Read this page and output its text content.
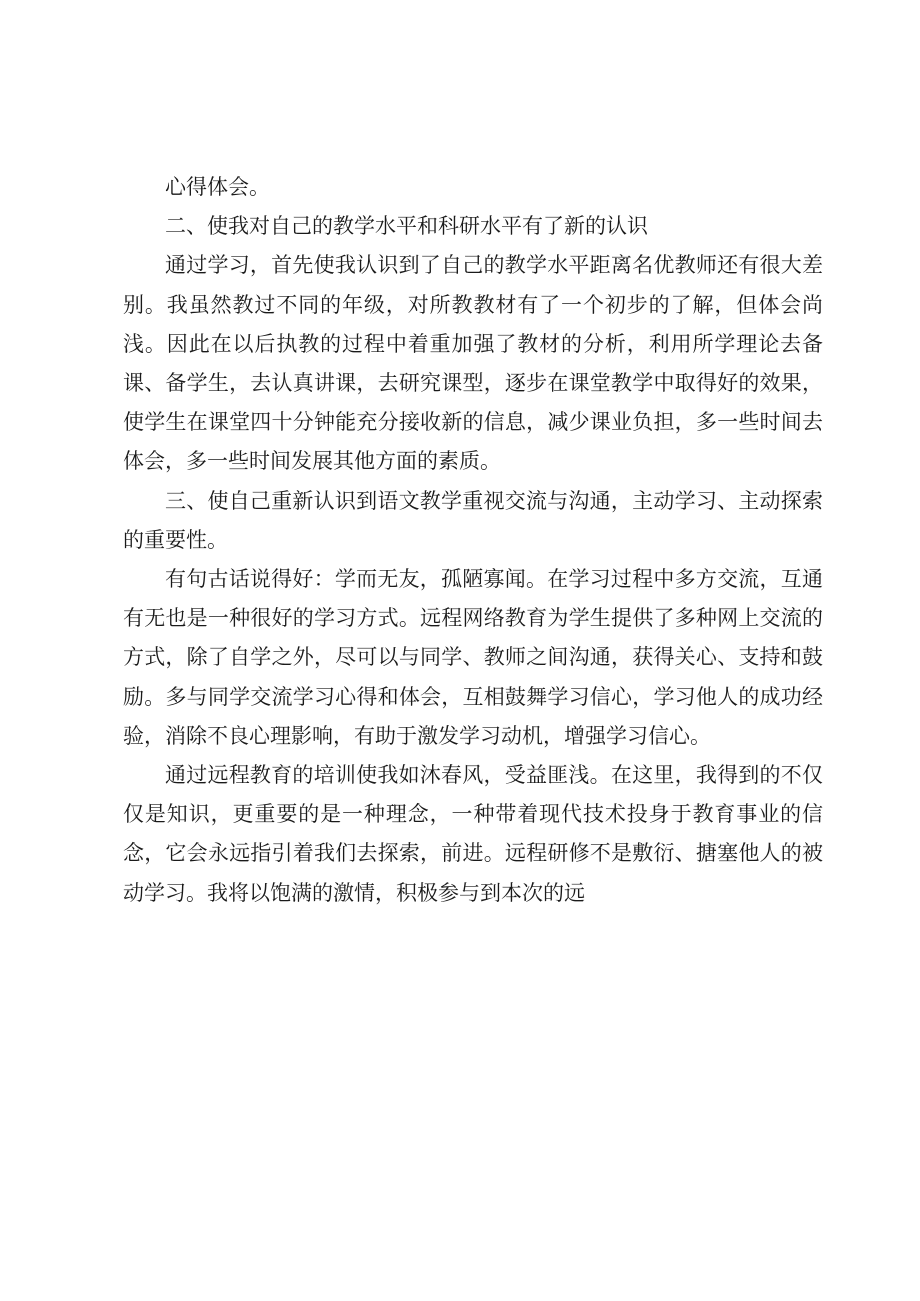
心得体会。

二、使我对自己的教学水平和科研水平有了新的认识

通过学习，首先使我认识到了自己的教学水平距离名优教师还有很大差别。我虽然教过不同的年级，对所教教材有了一个初步的了解，但体会尚浅。因此在以后执教的过程中着重加强了教材的分析，利用所学理论去备课、备学生，去认真讲课，去研究课型，逐步在课堂教学中取得好的效果，使学生在课堂四十分钟能充分接收新的信息，减少课业负担，多一些时间去体会，多一些时间发展其他方面的素质。

三、使自己重新认识到语文教学重视交流与沟通，主动学习、主动探索的重要性。

有句古话说得好：学而无友，孤陋寡闻。在学习过程中多方交流，互通有无也是一种很好的学习方式。远程网络教育为学生提供了多种网上交流的方式，除了自学之外，尽可以与同学、教师之间沟通，获得关心、支持和鼓励。多与同学交流学习心得和体会，互相鼓舞学习信心，学习他人的成功经验，消除不良心理影响，有助于激发学习动机，增强学习信心。

通过远程教育的培训使我如沐春风，受益匪浅。在这里，我得到的不仅仅是知识，更重要的是一种理念，一种带着现代技术投身于教育事业的信念，它会永远指引着我们去探索，前进。远程研修不是敷衍、搪塞他人的被动学习。我将以饱满的激情，积极参与到本次的远
